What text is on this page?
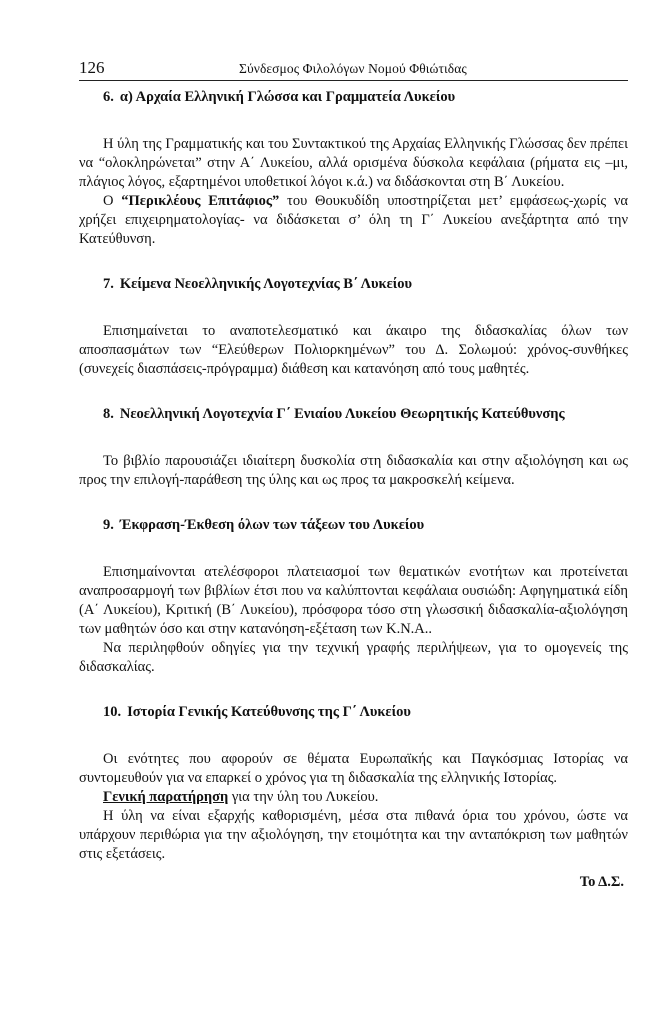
126	Σύνδεσμος Φιλολόγων Νομού Φθιώτιδας

6. α) Αρχαία Ελληνική Γλώσσα και Γραμματεία Λυκείου

Η ύλη της Γραμματικής και του Συντακτικού της Αρχαίας Ελληνικής Γλώσσας δεν πρέπει να “ολοκληρώνεται” στην Α΄ Λυκείου, αλλά ορισμένα δύσκολα κεφάλαια (ρήματα εις –μι, πλάγιος λόγος, εξαρτημένοι υποθετικοί λόγοι κ.ά.) να διδάσκονται στη Β΄ Λυκείου.

Ο “Περικλέους Επιτάφιος” του Θουκυδίδη υποστηρίζεται μετ’ εμφάσεως-χωρίς να χρήζει επιχειρηματολογίας- να διδάσκεται σ’ όλη τη Γ΄ Λυκείου ανεξάρτητα από την Κατεύθυνση.

7. Κείμενα Νεοελληνικής Λογοτεχνίας Β΄ Λυκείου

Επισημαίνεται το αναποτελεσματικό και άκαιρο της διδασκαλίας όλων των αποσπασμάτων των “Ελεύθερων Πολιορκημένων” του Δ. Σολωμού: χρόνος-συνθήκες (συνεχείς διασπάσεις-πρόγραμμα) διάθεση και κατανόηση από τους μαθητές.

8. Νεοελληνική Λογοτεχνία Γ΄ Ενιαίου Λυκείου Θεωρητικής Κατεύθυνσης

Το βιβλίο παρουσιάζει ιδιαίτερη δυσκολία στη διδασκαλία και στην αξιολόγηση και ως προς την επιλογή-παράθεση της ύλης και ως προς τα μακροσκελή κείμενα.

9. Έκφραση-Έκθεση όλων των τάξεων του Λυκείου

Επισημαίνονται ατελέσφοροι πλατειασμοί των θεματικών ενοτήτων και προτείνεται αναπροσαρμογή των βιβλίων έτσι που να καλύπτονται κεφάλαια ουσιώδη: Αφηγηματικά είδη (Α΄ Λυκείου), Κριτική (Β΄ Λυκείου), πρόσφορα τόσο στη γλωσσική διδασκαλία-αξιολόγηση των μαθητών όσο και στην κατανόηση-εξέταση των Κ.Ν.Α..

Να περιληφθούν οδηγίες για την τεχνική γραφής περιλήψεων, για το ομογενείς της διδασκαλίας.

10. Ιστορία Γενικής Κατεύθυνσης της Γ΄ Λυκείου

Οι ενότητες που αφορούν σε θέματα Ευρωπαϊκής και Παγκόσμιας Ιστορίας να συντομευθούν για να επαρκεί ο χρόνος για τη διδασκαλία της ελληνικής Ιστορίας.

Γενική παρατήρηση για την ύλη του Λυκείου.

Η ύλη να είναι εξαρχής καθορισμένη, μέσα στα πιθανά όρια του χρόνου, ώστε να υπάρχουν περιθώρια για την αξιολόγηση, την ετοιμότητα και την ανταπόκριση των μαθητών στις εξετάσεις.

Το Δ.Σ.
